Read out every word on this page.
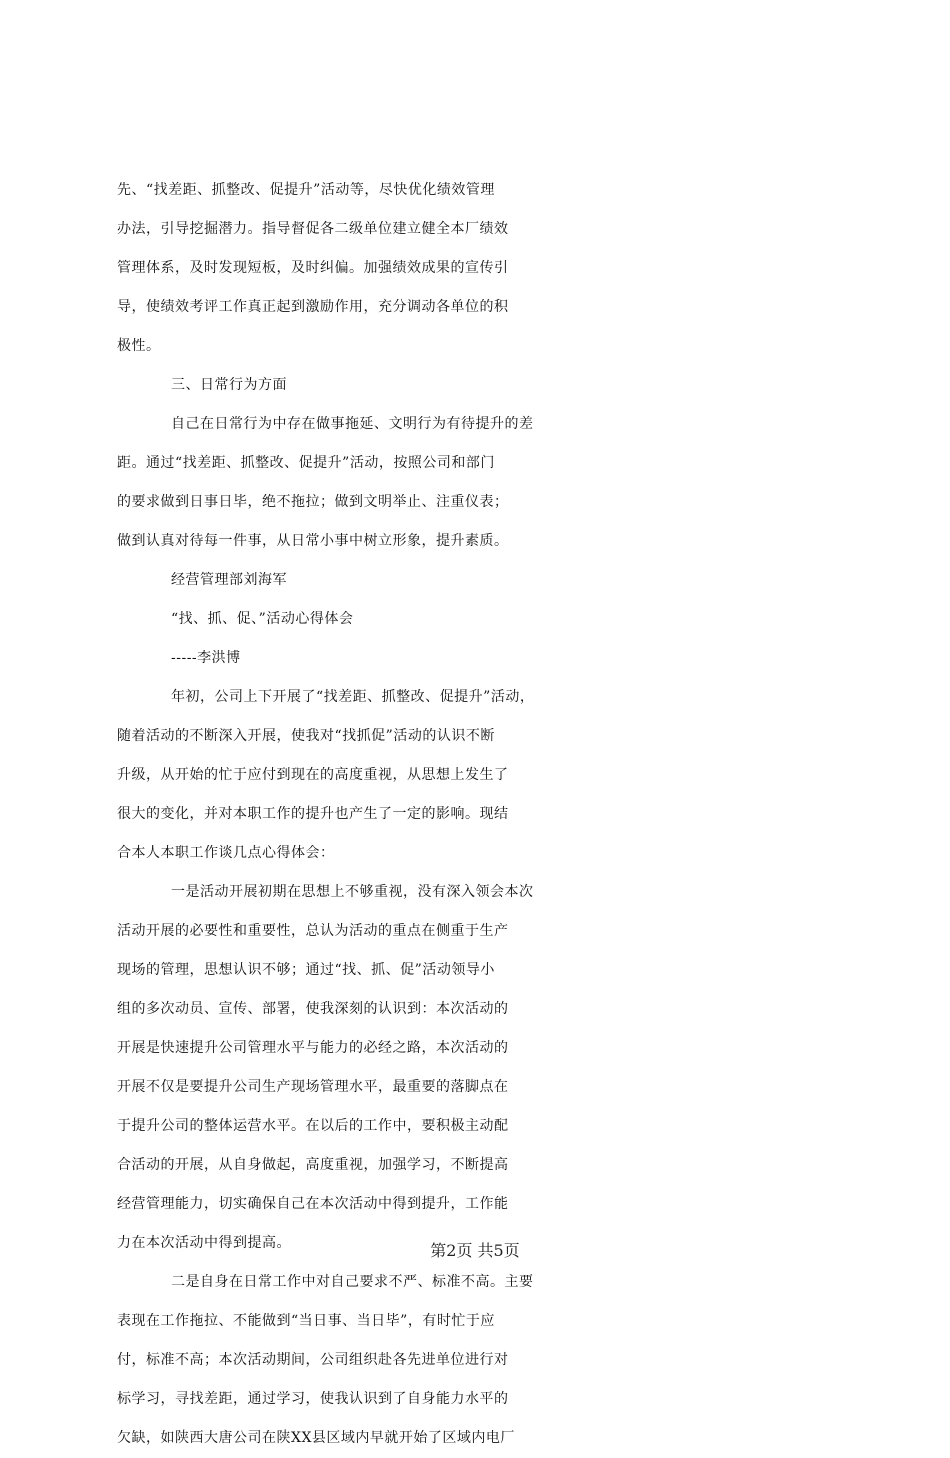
先、“找差距、抓整改、促提升”活动等，尽快优化绩效管理
办法，引导挖掘潜力。指导督促各二级单位建立健全本厂绩效
管理体系，及时发现短板，及时纠偏。加强绩效成果的宣传引
导，使绩效考评工作真正起到激励作用，充分调动各单位的积
极性。
三、日常行为方面
自己在日常行为中存在做事拖延、文明行为有待提升的差
距。通过“找差距、抓整改、促提升”活动，按照公司和部门
的要求做到日事日毕，绝不拖拉；做到文明举止、注重仪表；
做到认真对待每一件事，从日常小事中树立形象，提升素质。
经营管理部刘海军
“找、抓、促、”活动心得体会
-----李洪博
年初，公司上下开展了“找差距、抓整改、促提升”活动，
随着活动的不断深入开展，使我对“找抓促”活动的认识不断
升级，从开始的忙于应付到现在的高度重视，从思想上发生了
很大的变化，并对本职工作的提升也产生了一定的影响。现结
合本人本职工作谈几点心得体会：
一是活动开展初期在思想上不够重视，没有深入领会本次
活动开展的必要性和重要性，总认为活动的重点在侧重于生产
现场的管理，思想认识不够；通过“找、抓、促”活动领导小
组的多次动员、宣传、部署，使我深刻的认识到：本次活动的
开展是快速提升公司管理水平与能力的必经之路，本次活动的
开展不仅是要提升公司生产现场管理水平，最重要的落脚点在
于提升公司的整体运营水平。在以后的工作中，要积极主动配
合活动的开展，从自身做起，高度重视，加强学习，不断提高
经营管理能力，切实确保自己在本次活动中得到提升，工作能
力在本次活动中得到提高。
二是自身在日常工作中对自己要求不严、标准不高。主要
表现在工作拖拉、不能做到“当日事、当日毕”，有时忙于应
付，标准不高；本次活动期间，公司组织赴各先进单位进行对
标学习，寻找差距，通过学习，使我认识到了自身能力水平的
欠缺，如陕西大唐公司在陕XX县区域内早就开始了区域内电厂
第2页 共5页
